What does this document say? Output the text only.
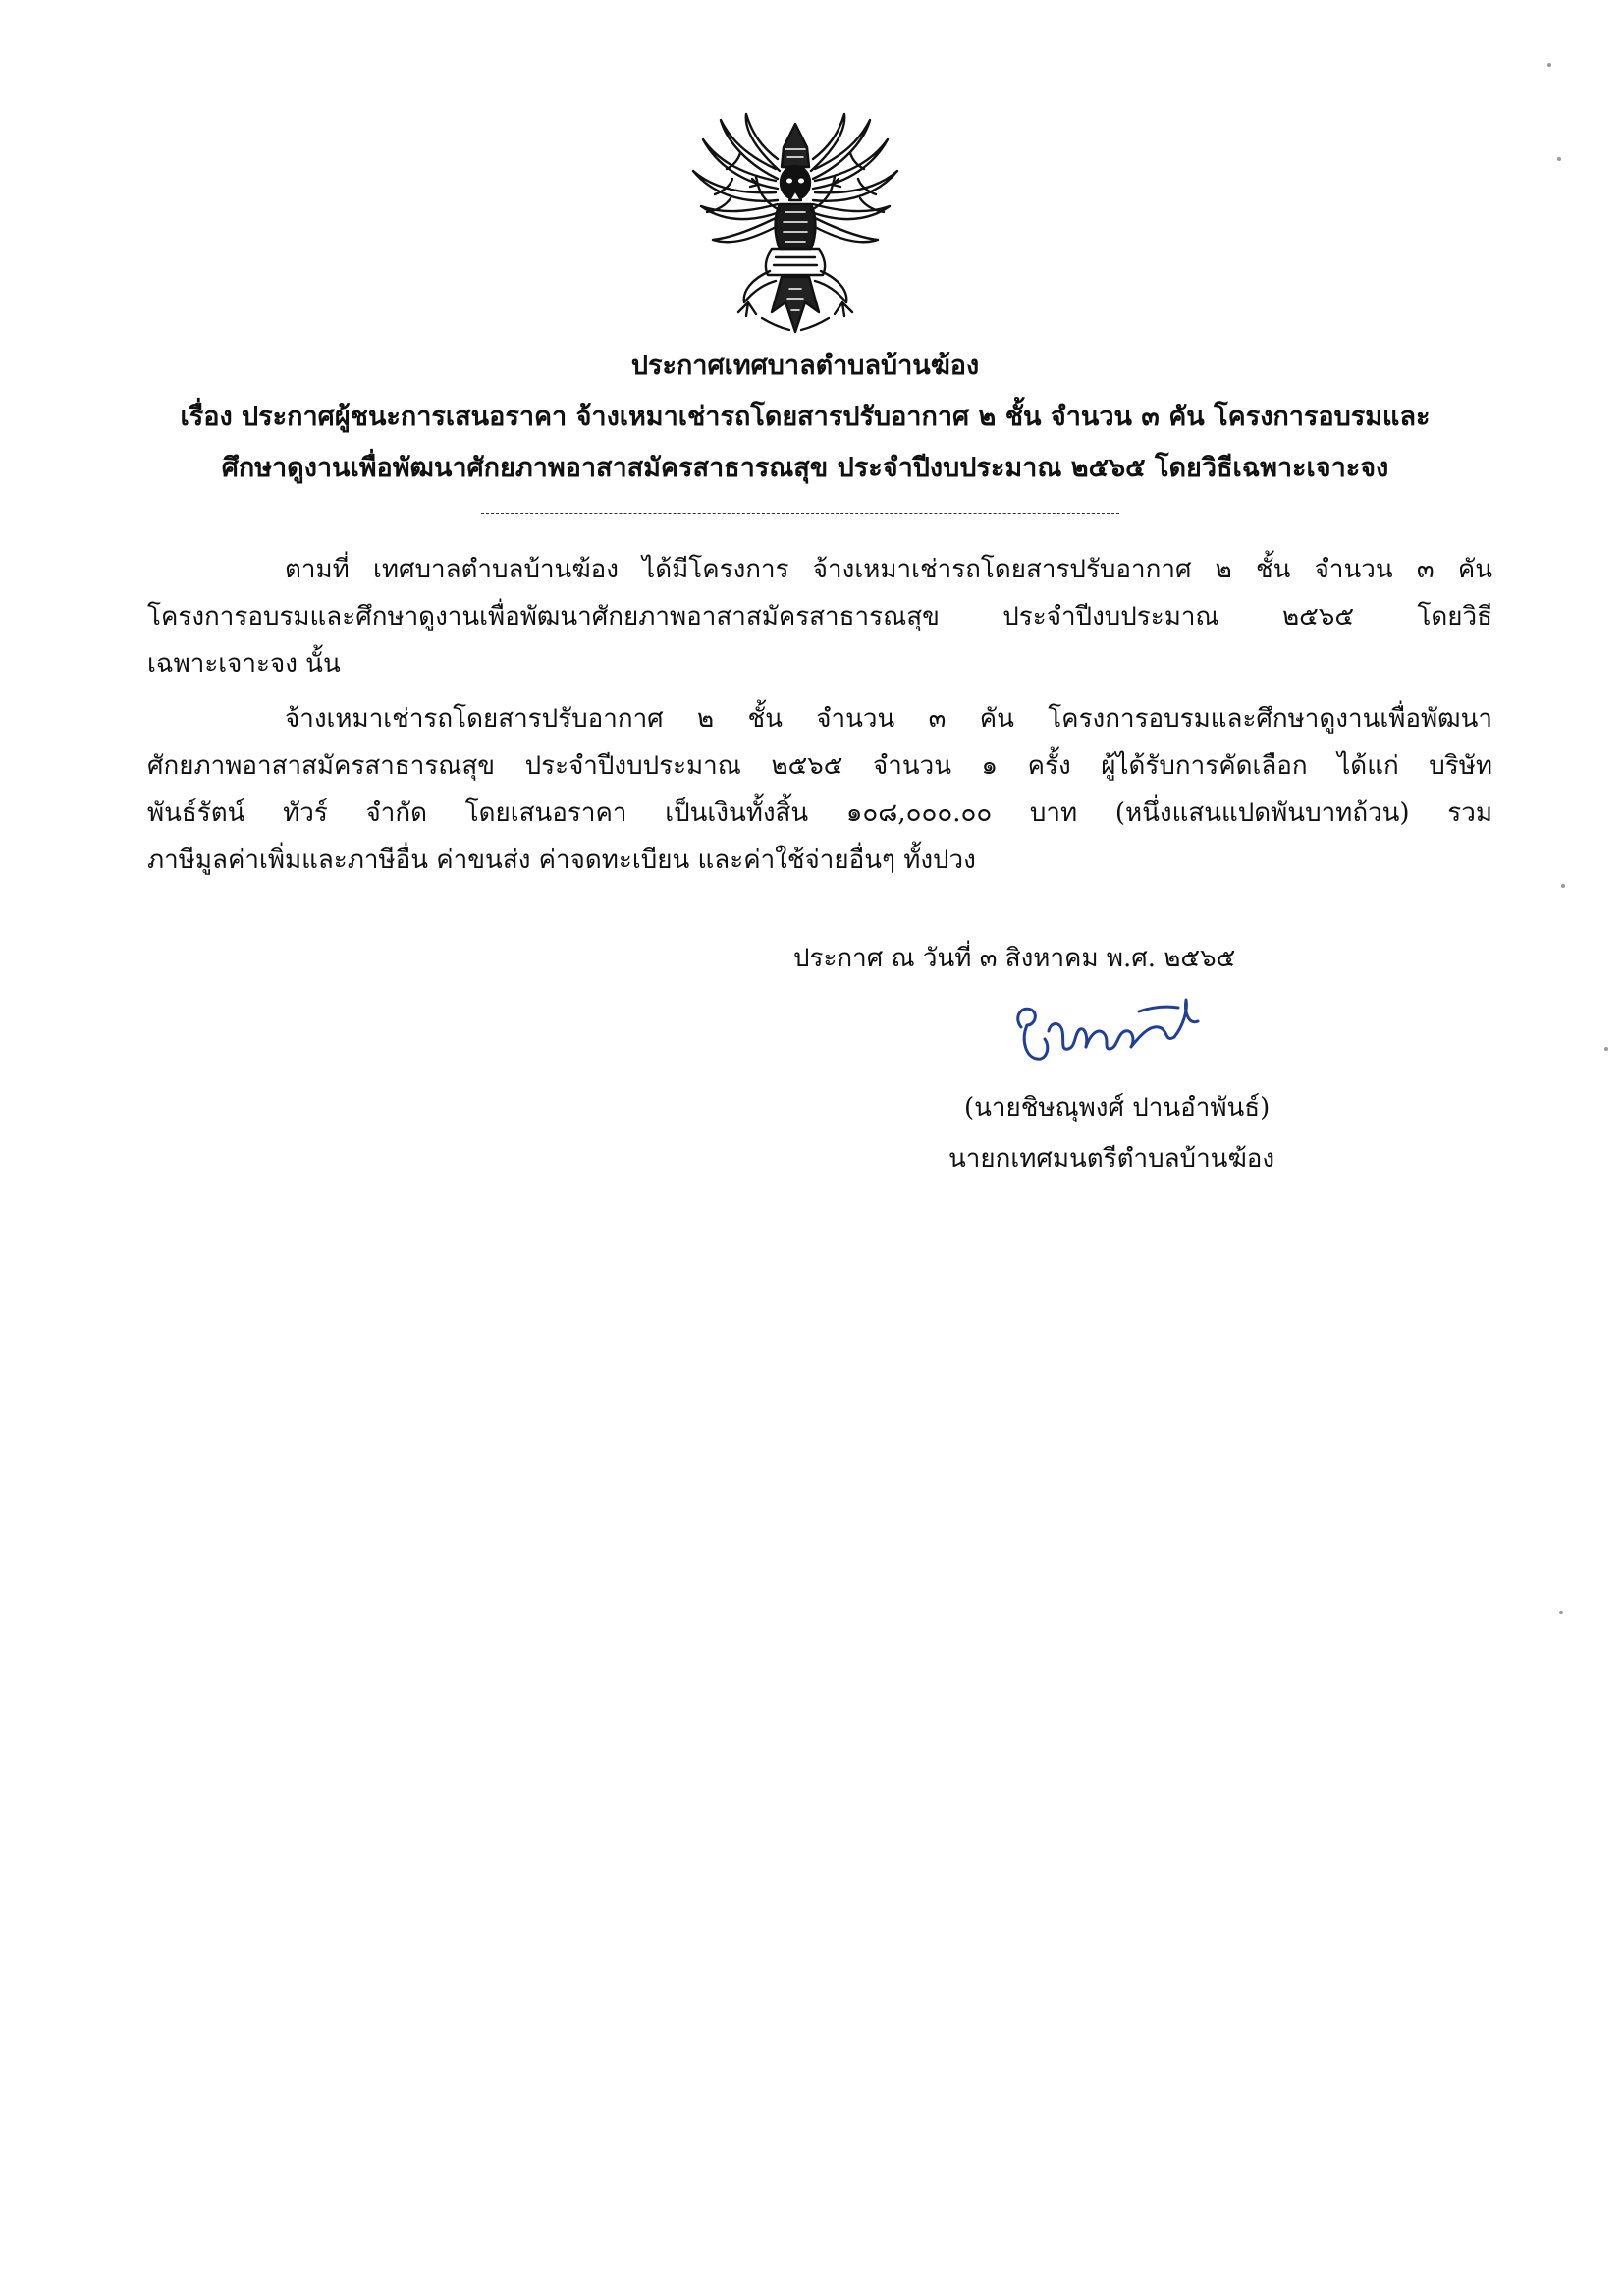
ประกาศเทศบาลตำบลบ้านฆ้อง
เรื่อง ประกาศผู้ชนะการเสนอราคา จ้างเหมาเช่ารถโดยสารปรับอากาศ ๒ ชั้น จำนวน ๓ คัน โครงการอบรมและ
ศึกษาดูงานเพื่อพัฒนาศักยภาพอาสาสมัครสาธารณสุข ประจำปีงบประมาณ ๒๕๖๕ โดยวิธีเฉพาะเจาะจง
ตามที่ เทศบาลตำบลบ้านฆ้อง ได้มีโครงการ จ้างเหมาเช่ารถโดยสารปรับอากาศ ๒ ชั้น จำนวน ๓ คัน
โครงการอบรมและศึกษาดูงานเพื่อพัฒนาศักยภาพอาสาสมัครสาธารณสุข ประจำปีงบประมาณ ๒๕๖๕ โดยวิธี
เฉพาะเจาะจง นั้น
จ้างเหมาเช่ารถโดยสารปรับอากาศ ๒ ชั้น จำนวน ๓ คัน โครงการอบรมและศึกษาดูงานเพื่อพัฒนา
ศักยภาพอาสาสมัครสาธารณสุข ประจำปีงบประมาณ ๒๕๖๕ จำนวน ๑ ครั้ง ผู้ได้รับการคัดเลือก ได้แก่ บริษัท
พันธ์รัตน์ ทัวร์ จำกัด โดยเสนอราคา เป็นเงินทั้งสิ้น ๑๐๘,๐๐๐.๐๐ บาท (หนึ่งแสนแปดพันบาทถ้วน) รวม
ภาษีมูลค่าเพิ่มและภาษีอื่น ค่าขนส่ง ค่าจดทะเบียน และค่าใช้จ่ายอื่นๆ ทั้งปวง
ประกาศ ณ วันที่ ๓ สิงหาคม พ.ศ. ๒๕๖๕
(นายชิษณุพงศ์ ปานอำพันธ์)
นายกเทศมนตรีตำบลบ้านฆ้อง
